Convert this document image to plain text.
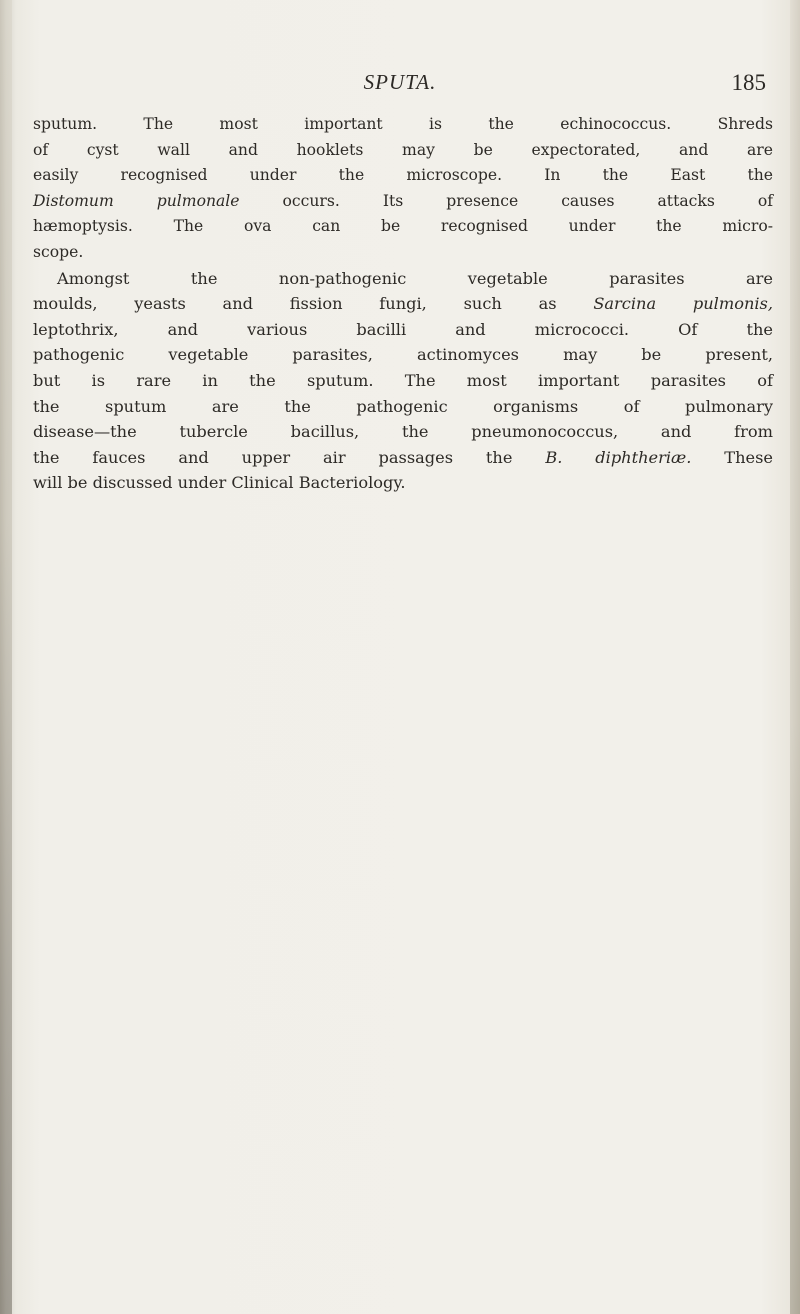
SPUTA.	185
sputum. The most important is the echinococcus. Shreds
of cyst wall and hooklets may be expectorated, and are
easily recognised under the microscope. In the East the
Distomum pulmonale occurs. Its presence causes attacks of
hæmoptysis. The ova can be recognised under the micro-
scope.
Amongst the non-pathogenic vegetable parasites are
moulds, yeasts and fission fungi, such as Sarcina pulmonis,
leptothrix, and various bacilli and micrococci. Of the
pathogenic vegetable parasites, actinomyces may be present,
but is rare in the sputum. The most important parasites of
the sputum are the pathogenic organisms of pulmonary
disease—the tubercle bacillus, the pneumonococcus, and from
the fauces and upper air passages the B. diphtheriæ. These
will be discussed under Clinical Bacteriology.
